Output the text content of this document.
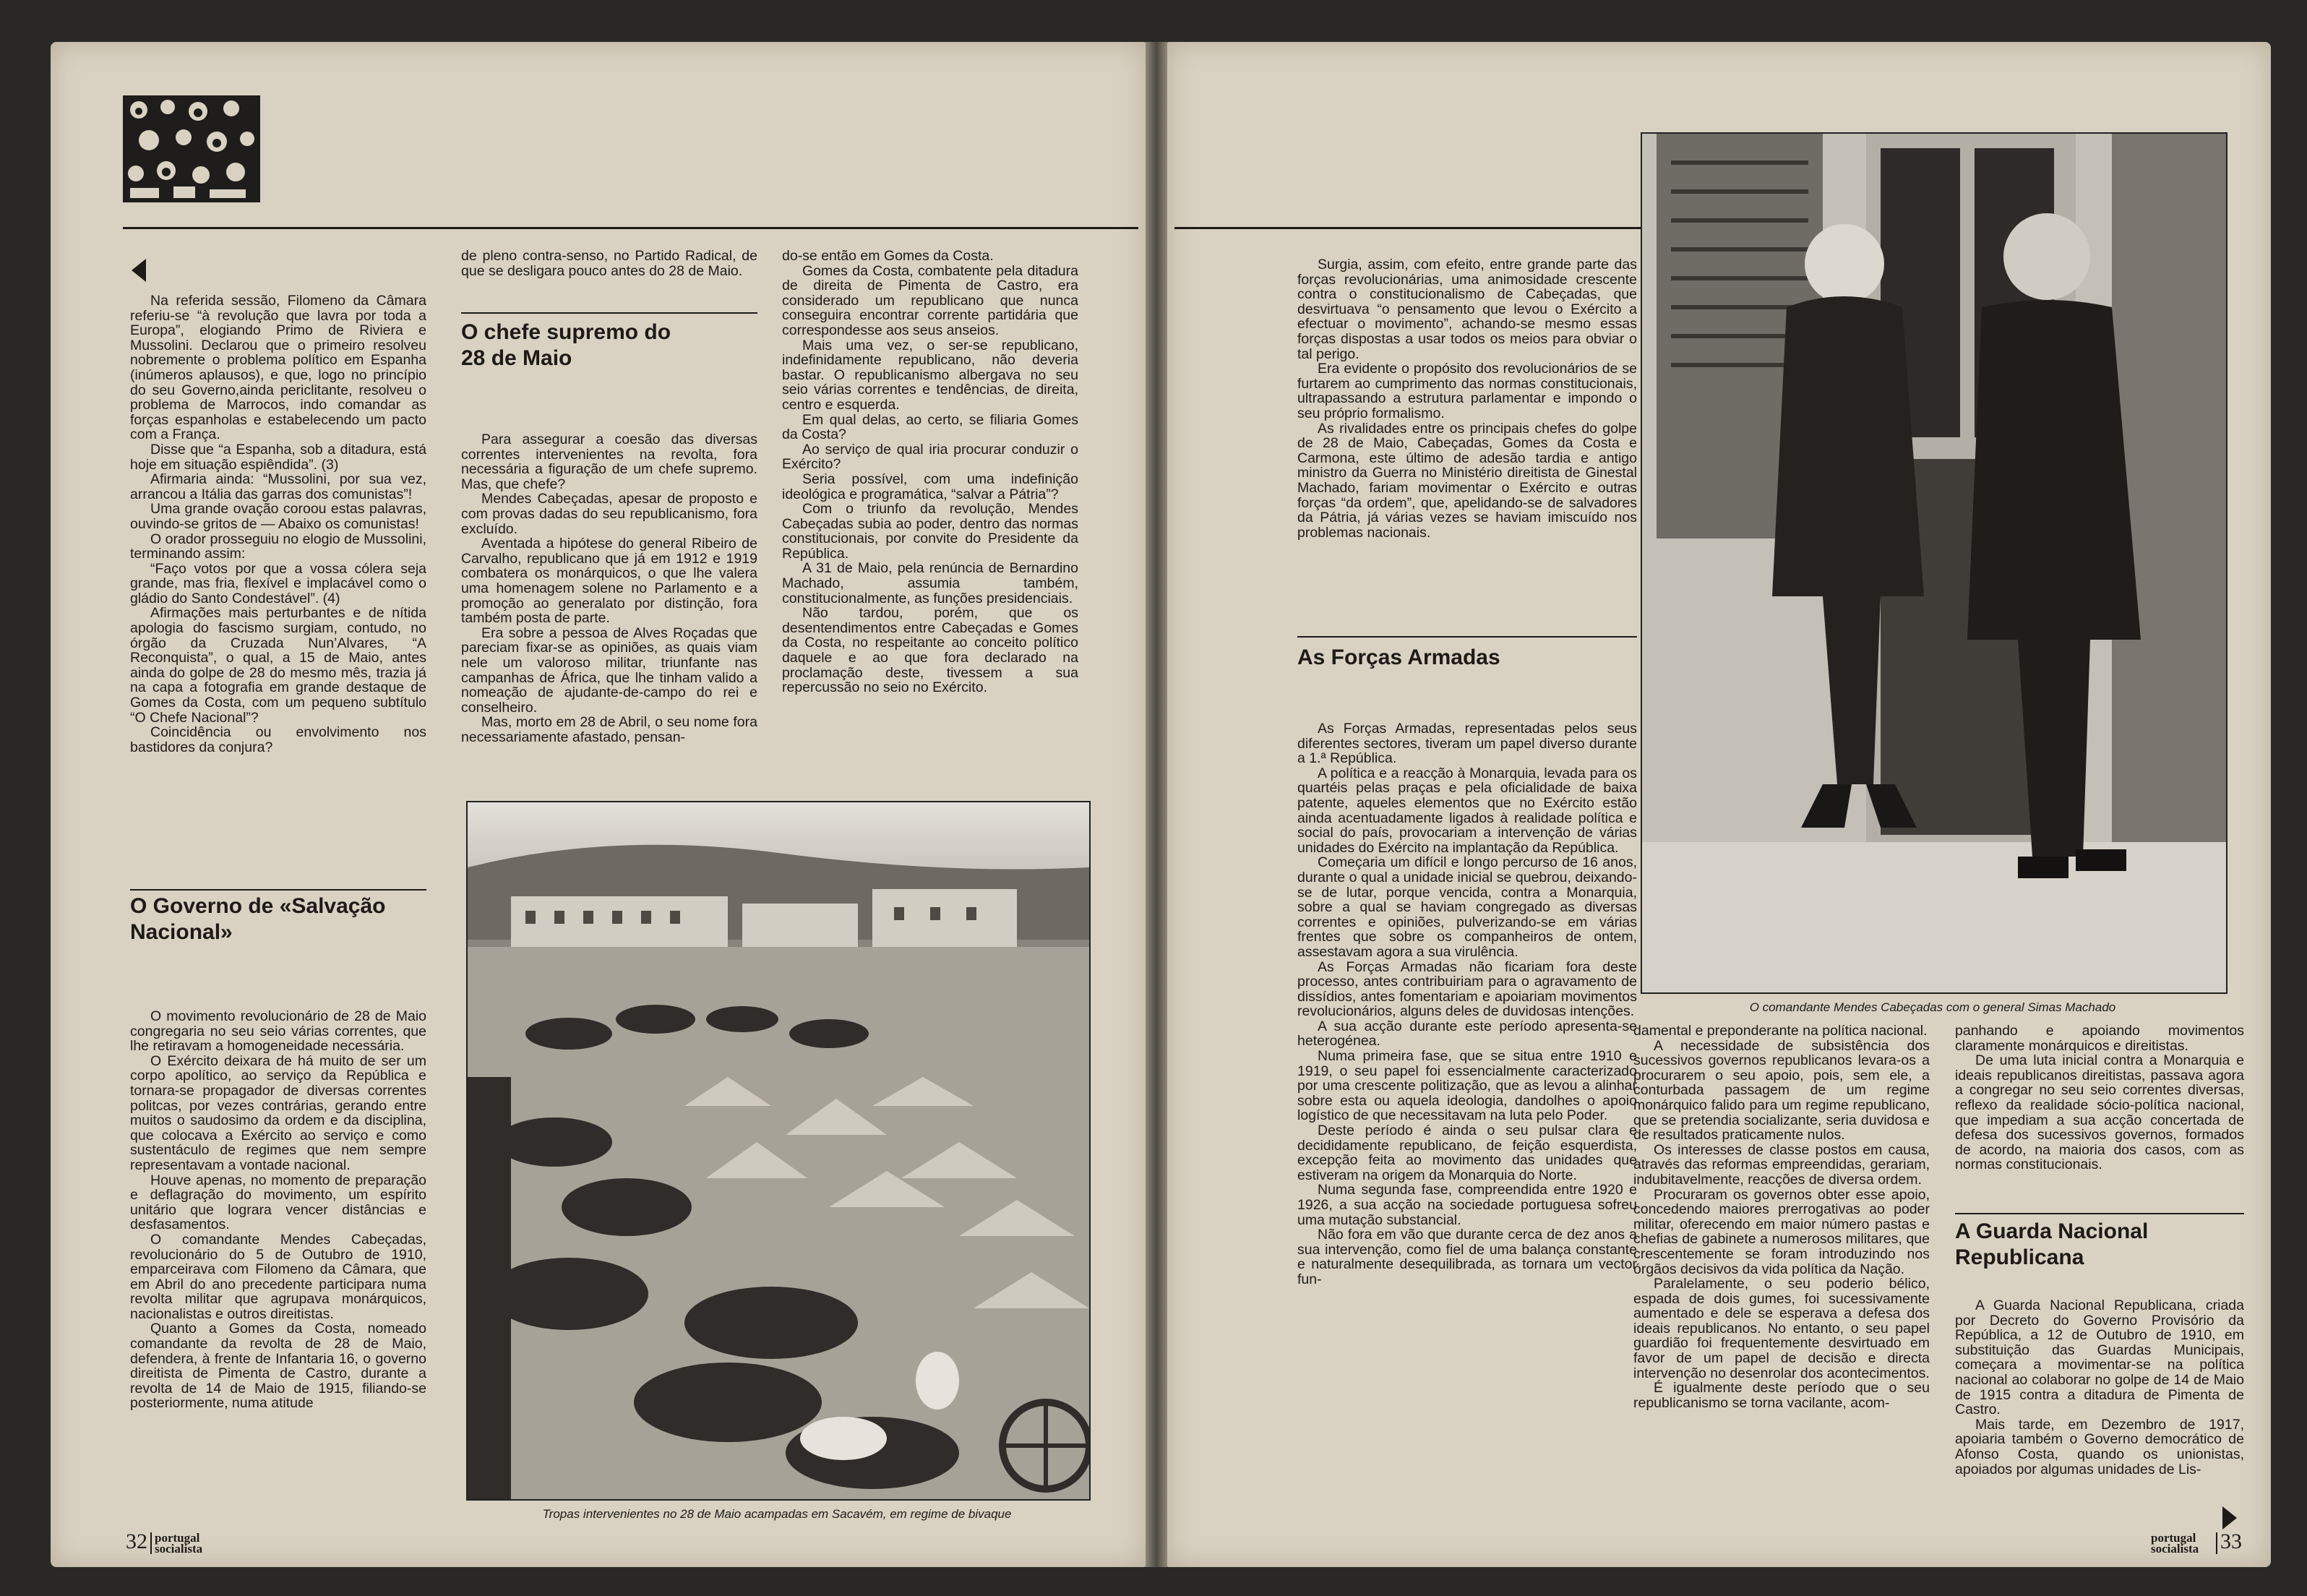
Na referida sessão, Filomeno da Câmara referiu-se “à revolução que lavra por toda a Europa”, elogiando Primo de Riviera e Mussolini. Declarou que o primeiro resolveu nobremente o problema político em Espanha (inúmeros aplausos), e que, logo no princípio do seu Governo,ainda periclitante, resolveu o problema de Marrocos, indo comandar as forças espanholas e estabelecendo um pacto com a França.

Disse que “a Espanha, sob a ditadura, está hoje em situação espiêndida”. (3)

Afirmaria ainda: “Mussolini, por sua vez, arrancou a Itália das garras dos comunistas”!

Uma grande ovação coroou estas palavras, ouvindo-se gritos de — Abaixo os comunistas!

O orador prosseguiu no elogio de Mussolini, terminando assim:

“Faço votos por que a vossa cólera seja grande, mas fria, flexível e implacável como o gládio do Santo Condestável”. (4)

Afirmações mais perturbantes e de nítida apologia do fascismo surgiam, contudo, no órgão da Cruzada Nun’Alvares, “A Reconquista”, o qual, a 15 de Maio, antes ainda do golpe de 28 do mesmo mês, trazia já na capa a fotografia em grande destaque de Gomes da Costa, com um pequeno subtítulo “O Chefe Nacional”?

Coincidência ou envolvimento nos bastidores da conjura?

O Governo de «Salvação Nacional»

O movimento revolucionário de 28 de Maio congregaria no seu seio várias correntes, que lhe retiravam a homogeneidade necessária.

O Exército deixara de há muito de ser um corpo apolítico, ao serviço da República e tornara-se propagador de diversas correntes politcas, por vezes contrárias, gerando entre muitos o saudosimo da ordem e da disciplina, que colocava a Exército ao serviço e como sustentáculo de regimes que nem sempre representavam a vontade nacional.

Houve apenas, no momento de preparação e deflagração do movimento, um espírito unitário que lograra vencer distâncias e desfasamentos.

O comandante Mendes Cabeçadas, revolucionário do 5 de Outubro de 1910, emparceirava com Filomeno da Câmara, que em Abril do ano precedente participara numa revolta militar que agrupava monárquicos, nacionalistas e outros direitistas.

Quanto a Gomes da Costa, nomeado comandante da revolta de 28 de Maio, defendera, à frente de Infantaria 16, o governo direitista de Pimenta de Castro, durante a revolta de 14 de Maio de 1915, filiando-se posteriormente, numa atitude

de pleno contra-senso, no Partido Radical, de que se desligara pouco antes do 28 de Maio.

O chefe supremo do 28 de Maio

Para assegurar a coesão das diversas correntes intervenientes na revolta, fora necessária a figuração de um chefe supremo. Mas, que chefe?

Mendes Cabeçadas, apesar de proposto e com provas dadas do seu republicanismo, fora excluído.

Aventada a hipótese do general Ribeiro de Carvalho, republicano que já em 1912 e 1919 combatera os monárquicos, o que lhe valera uma homenagem solene no Parlamento e a promoção ao generalato por distinção, fora também posta de parte.

Era sobre a pessoa de Alves Roçadas que pareciam fixar-se as opiniões, as quais viam nele um valoroso militar, triunfante nas campanhas de África, que lhe tinham valido a nomeação de ajudante-de-campo do rei e conselheiro.

Mas, morto em 28 de Abril, o seu nome fora necessariamente afastado, pensan-

do-se então em Gomes da Costa.

Gomes da Costa, combatente pela ditadura de direita de Pimenta de Castro, era considerado um republicano que nunca conseguira encontrar corrente partidária que correspondesse aos seus anseios.

Mais uma vez, o ser-se republicano, indefinidamente republicano, não deveria bastar. O republicanismo albergava no seu seio várias correntes e tendências, de direita, centro e esquerda.

Em qual delas, ao certo, se filiaria Gomes da Costa?

Ao serviço de qual iria procurar conduzir o Exército?

Seria possível, com uma indefinição ideológica e programática, “salvar a Pátria”?

Com o triunfo da revolução, Mendes Cabeçadas subia ao poder, dentro das normas constitucionais, por convite do Presidente da República.

A 31 de Maio, pela renúncia de Bernardino Machado, assumia também, constitucionalmente, as funções presidenciais.

Não tardou, porém, que os desentendimentos entre Cabeçadas e Gomes da Costa, no respeitante ao conceito político daquele e ao que fora declarado na proclamação deste, tivessem a sua repercussão no seio no Exército.

Tropas intervenientes no 28 de Maio acampadas em Sacavém, em regime de bivaque
32 portugal socialista

Surgia, assim, com efeito, entre grande parte das forças revolucionárias, uma animosidade crescente contra o constitucionalismo de Cabeçadas, que desvirtuava “o pensamento que levou o Exército a efectuar o movimento”, achando-se mesmo essas forças dispostas a usar todos os meios para obviar o tal perigo.

Era evidente o propósito dos revolucionários de se furtarem ao cumprimento das normas constitucionais, ultrapassando a estrutura parlamentar e impondo o seu próprio formalismo.

As rivalidades entre os principais chefes do golpe de 28 de Maio, Cabeçadas, Gomes da Costa e Carmona, este último de adesão tardia e antigo ministro da Guerra no Ministério direitista de Ginestal Machado, fariam movimentar o Exército e outras forças “da ordem”, que, apelidando-se de salvadores da Pátria, já várias vezes se haviam imiscuído nos problemas nacionais.

As Forças Armadas

As Forças Armadas, representadas pelos seus diferentes sectores, tiveram um papel diverso durante a 1.ª República.

A política e a reacção à Monarquia, levada para os quartéis pelas praças e pela oficialidade de baixa patente, aqueles elementos que no Exército estão ainda acentuadamente ligados à realidade política e social do país, provocariam a intervenção de várias unidades do Exército na implantação da República.

Começaria um difícil e longo percurso de 16 anos, durante o qual a unidade inicial se quebrou, deixando-se de lutar, porque vencida, contra a Monarquia, sobre a qual se haviam congregado as diversas correntes e opiniões, pulverizando-se em várias frentes que sobre os companheiros de ontem, assestavam agora a sua virulência.

As Forças Armadas não ficariam fora deste processo, antes contribuiriam para o agravamento de dissídios, antes fomentariam e apoiariam movimentos revolucionários, alguns deles de duvidosas intenções.

A sua acção durante este período apresenta-se heterogénea.

Numa primeira fase, que se situa entre 1910 e 1919, o seu papel foi essencialmente caracterizado por uma crescente politização, que as levou a alinhar sobre esta ou aquela ideologia, dandolhes o apoio logístico de que necessitavam na luta pelo Poder.

Deste período é ainda o seu pulsar clara e decididamente republicano, de feição esquerdista, excepção feita ao movimento das unidades que estiveram na origem da Monarquia do Norte.

Numa segunda fase, compreendida entre 1920 e 1926, a sua acção na sociedade portuguesa sofreu uma mutação substancial.

Não fora em vão que durante cerca de dez anos a sua intervenção, como fiel de uma balança constante e naturalmente desequilibrada, as tornara um vector fun-

O comandante Mendes Cabeçadas com o general Simas Machado

damental e preponderante na política nacional.

A necessidade de subsistência dos sucessivos governos republicanos levara-os a procurarem o seu apoio, pois, sem ele, a conturbada passagem de um regime monárquico falido para um regime republicano, que se pretendia socializante, seria duvidosa e de resultados praticamente nulos.

Os interesses de classe postos em causa, através das reformas empreendidas, gerariam, indubitavelmente, reacções de diversa ordem.

Procuraram os governos obter esse apoio, concedendo maiores prerrogativas ao poder militar, oferecendo em maior número pastas e chefias de gabinete a numerosos militares, que crescentemente se foram introduzindo nos órgãos decisivos da vida política da Nação.

Paralelamente, o seu poderio bélico, espada de dois gumes, foi sucessivamente aumentado e dele se esperava a defesa dos ideais republicanos. No entanto, o seu papel guardião foi frequentemente desvirtuado em favor de um papel de decisão e directa intervenção no desenrolar dos acontecimentos.

É igualmente deste período que o seu republicanismo se torna vacilante, acom-

panhando e apoiando movimentos claramente monárquicos e direitistas.

De uma luta inicial contra a Monarquia e ideais republicanos direitistas, passava agora a congregar no seu seio correntes diversas, reflexo da realidade sócio-política nacional, que impediam a sua acção concertada de defesa dos sucessivos governos, formados de acordo, na maioria dos casos, com as normas constitucionais.

A Guarda Nacional Republicana

A Guarda Nacional Republicana, criada por Decreto do Governo Provisório da República, a 12 de Outubro de 1910, em substituição das Guardas Municipais, começara a movimentar-se na política nacional ao colaborar no golpe de 14 de Maio de 1915 contra a ditadura de Pimenta de Castro.

Mais tarde, em Dezembro de 1917, apoiaria também o Governo democrático de Afonso Costa, quando os unionistas, apoiados por algumas unidades de Lis-

portugal socialista 33
